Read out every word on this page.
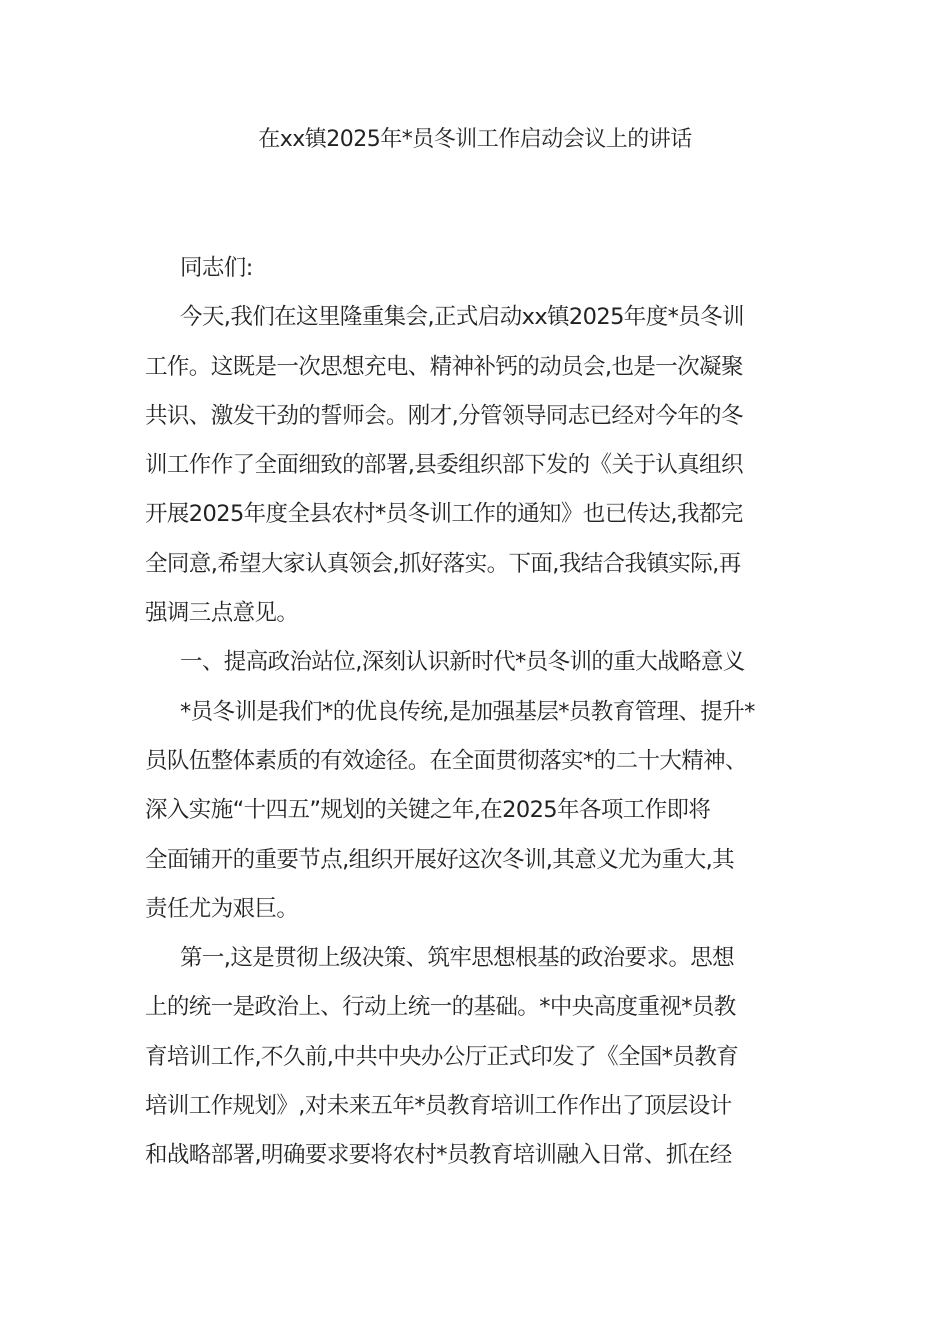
在xx镇2025年*员冬训工作启动会议上的讲话
同志们:
今天,我们在这里隆重集会,正式启动xx镇2025年度*员冬训
工作。这既是一次思想充电、精神补钙的动员会,也是一次凝聚
共识、激发干劲的誓师会。刚才,分管领导同志已经对今年的冬
训工作作了全面细致的部署,县委组织部下发的《关于认真组织
开展2025年度全县农村*员冬训工作的通知》也已传达,我都完
全同意,希望大家认真领会,抓好落实。下面,我结合我镇实际,再
强调三点意见。
一、提高政治站位,深刻认识新时代*员冬训的重大战略意义
*员冬训是我们*的优良传统,是加强基层*员教育管理、提升*
员队伍整体素质的有效途径。在全面贯彻落实*的二十大精神、
深入实施“十四五”规划的关键之年,在2025年各项工作即将
全面铺开的重要节点,组织开展好这次冬训,其意义尤为重大,其
责任尤为艰巨。
第一,这是贯彻上级决策、筑牢思想根基的政治要求。思想
上的统一是政治上、行动上统一的基础。*中央高度重视*员教
育培训工作,不久前,中共中央办公厅正式印发了《全国*员教育
培训工作规划》,对未来五年*员教育培训工作作出了顶层设计
和战略部署,明确要求要将农村*员教育培训融入日常、抓在经
